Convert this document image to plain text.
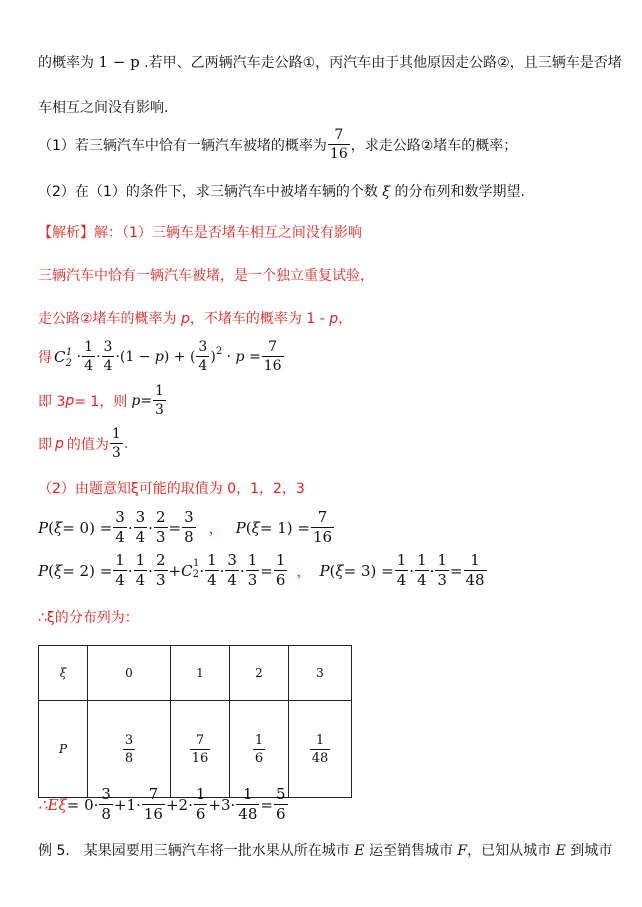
的概率为 1 − p .若甲、乙两辆汽车走公路①，丙汽车由于其他原因走公路②，且三辆车是否堵
车相互之间没有影响.
（1）若三辆汽车中恰有一辆汽车被堵的概率为 $\frac{7}{16}$ ，求走公路②堵车的概率；
（2）在（1）的条件下，求三辆汽车中被堵车辆的个数 ξ 的分布列和数学期望.
【解析】解：（1）三辆车是否堵车相互之间没有影响
三辆汽车中恰有一辆汽车被堵，是一个独立重复试验，
走公路②堵车的概率为 p，不堵车的概率为 1 - p，
得 $C_2^1 \cdot \frac{1}{4} \cdot \frac{3}{4} \cdot(1 - p)$ + ( $\frac{3}{4} )^2 \cdot p = \frac{7}{16}$
即 3 p = 1，则 $p = \frac{1}{3}$
即 p 的值为 $\frac{1}{3}$ .
（2）由题意知ξ可能的取值为 0，1，2，3
P ( $\xi = 0) = \frac{3}{4} \cdot \frac{3}{4} \cdot \frac{2}{3} = \frac{3}{8}$ ， P ( $\xi = 1) = \frac{7}{16}$
P ( $\xi = 2) = \frac{1}{4} \cdot \frac{1}{4} \cdot \frac{2}{3} + C$ 2
$1 \cdot \frac{1}{4} \cdot \frac{3}{4} \cdot \frac{1}{3} = \frac{1}{6}$ ， P ( $\xi = 3) = \frac{1}{4} \cdot \frac{1}{4} \cdot \frac{1}{3} = \frac{1}{48}$
∴ξ的分布列为：
ξ	0	1	2	3
P	$\frac{3}{8}$	$\frac{7}{16}$	$\frac{1}{6}$	$\frac{1}{48}$
∴Eξ = $0\cdot \frac{3}{8} +1\cdot \frac{7}{16} +2\cdot \frac{1}{6} +3\cdot \frac{1}{48} = \frac{5}{6}$
例 5． 某果园要用三辆汽车将一批水果从所在城市 E 运至销售城市 F，已知从城市 E 到城市
